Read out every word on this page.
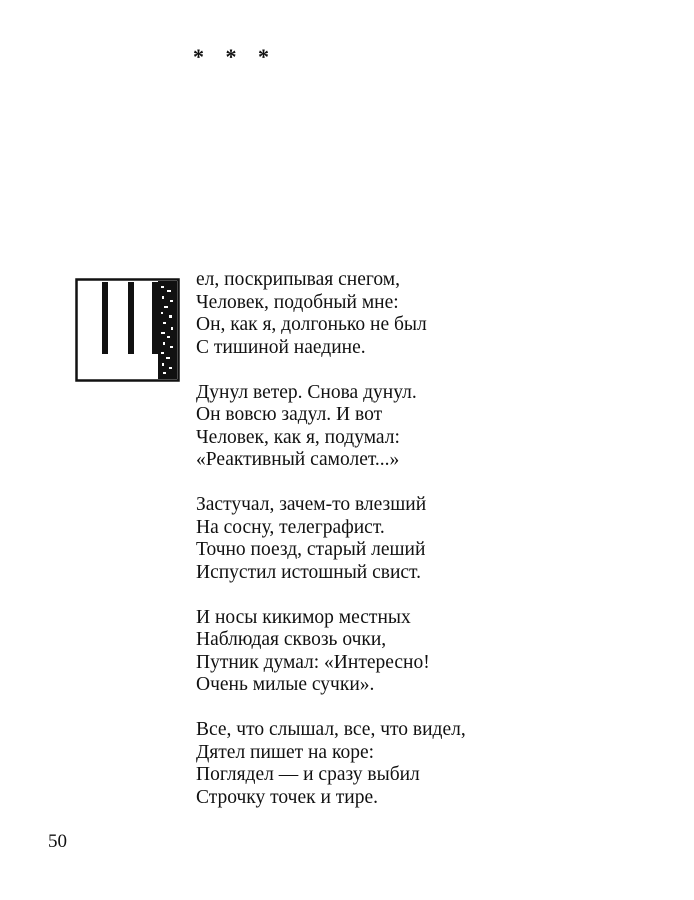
* * *
ел, поскрипывая снегом,
Человек, подобный мне:
Он, как я, долгонько не был
С тишиной наедине.
Дунул ветер. Снова дунул.
Он вовсю задул. И вот
Человек, как я, подумал:
«Реактивный самолет...»
Застучал, зачем-то влезший
На сосну, телеграфист.
Точно поезд, старый леший
Испустил истошный свист.
И носы кикимор местных
Наблюдая сквозь очки,
Путник думал: «Интересно!
Очень милые сучки».
Все, что слышал, все, что видел,
Дятел пишет на коре:
Поглядел — и сразу выбил
Строчку точек и тире.
50
